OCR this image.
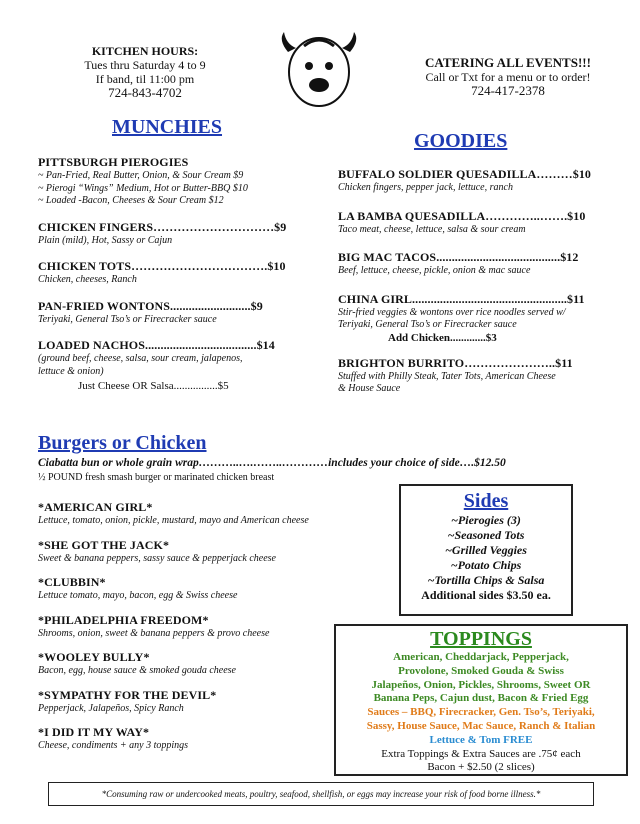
KITCHEN HOURS:
Tues thru Saturday 4 to 9
If band, til 11:00 pm
724-843-4702
CATERING ALL EVENTS!!!
Call or Txt for a menu or to order!
724-417-2378
MUNCHIES
PITTSBURGH PIEROGIES
~ Pan-Fried, Real Butter, Onion, & Sour Cream $9
~ Pierogi “Wings” Medium, Hot or Butter-BBQ $10
~ Loaded -Bacon, Cheeses & Sour Cream $12
CHICKEN FINGERS…………………………$9
Plain (mild), Hot, Sassy or Cajun
CHICKEN TOTS…………………………….$10
Chicken, cheeses, Ranch
PAN-FRIED WONTONS..........................$9
Teriyaki, General Tso’s or Firecracker sauce
LOADED NACHOS....................................$14
(ground beef, cheese, salsa, sour cream, jalapenos,
lettuce & onion)
Just Cheese OR Salsa................$5
GOODIES
BUFFALO SOLDIER QUESADILLA………$10
Chicken fingers, pepper jack, lettuce, ranch
LA BAMBA QUESADILLA…………..…….$10
Taco meat, cheese, lettuce, salsa & sour cream
BIG MAC TACOS........................................$12
Beef, lettuce, cheese, pickle, onion & mac sauce
CHINA GIRL..................................................$11
Stir-fried veggies & wontons over rice noodles served w/
Teriyaki, General Tso’s or Firecracker sauce
Add Chicken.............$3
BRIGHTON BURRITO…………………..$11
Stuffed with Philly Steak, Tater Tots, American Cheese
& House Sauce
Burgers or Chicken
Ciabatta bun or whole grain wrap………..….……..…………includes your choice of side….$12.50
½ POUND fresh smash burger or marinated chicken breast
*AMERICAN GIRL*
Lettuce, tomato, onion, pickle, mustard, mayo and American cheese
*SHE GOT THE JACK*
Sweet & banana peppers, sassy sauce & pepperjack cheese
*CLUBBIN*
Lettuce tomato, mayo, bacon, egg & Swiss cheese
*PHILADELPHIA FREEDOM*
Shrooms, onion, sweet & banana peppers & provo cheese
*WOOLEY BULLY*
Bacon, egg, house sauce & smoked gouda cheese
*SYMPATHY FOR THE DEVIL*
Pepperjack, Jalapeños, Spicy Ranch
*I DID IT MY WAY*
Cheese, condiments + any 3 toppings
Sides
~Pierogies (3)
~Seasoned Tots
~Grilled Veggies
~Potato Chips
~Tortilla Chips & Salsa
Additional sides $3.50 ea.
TOPPINGS
American, Cheddarjack, Pepperjack,
Provolone, Smoked Gouda & Swiss
Jalapeños, Onion, Pickles, Shrooms, Sweet OR
Banana Peps, Cajun dust, Bacon & Fried Egg
Sauces – BBQ, Firecracker, Gen. Tso’s, Teriyaki,
Sassy, House Sauce, Mac Sauce, Ranch & Italian
Lettuce & Tom FREE
Extra Toppings & Extra Sauces are .75¢ each
Bacon + $2.50 (2 slices)
*Consuming raw or undercooked meats, poultry, seafood, shellfish, or eggs may increase your risk of food borne illness.*
